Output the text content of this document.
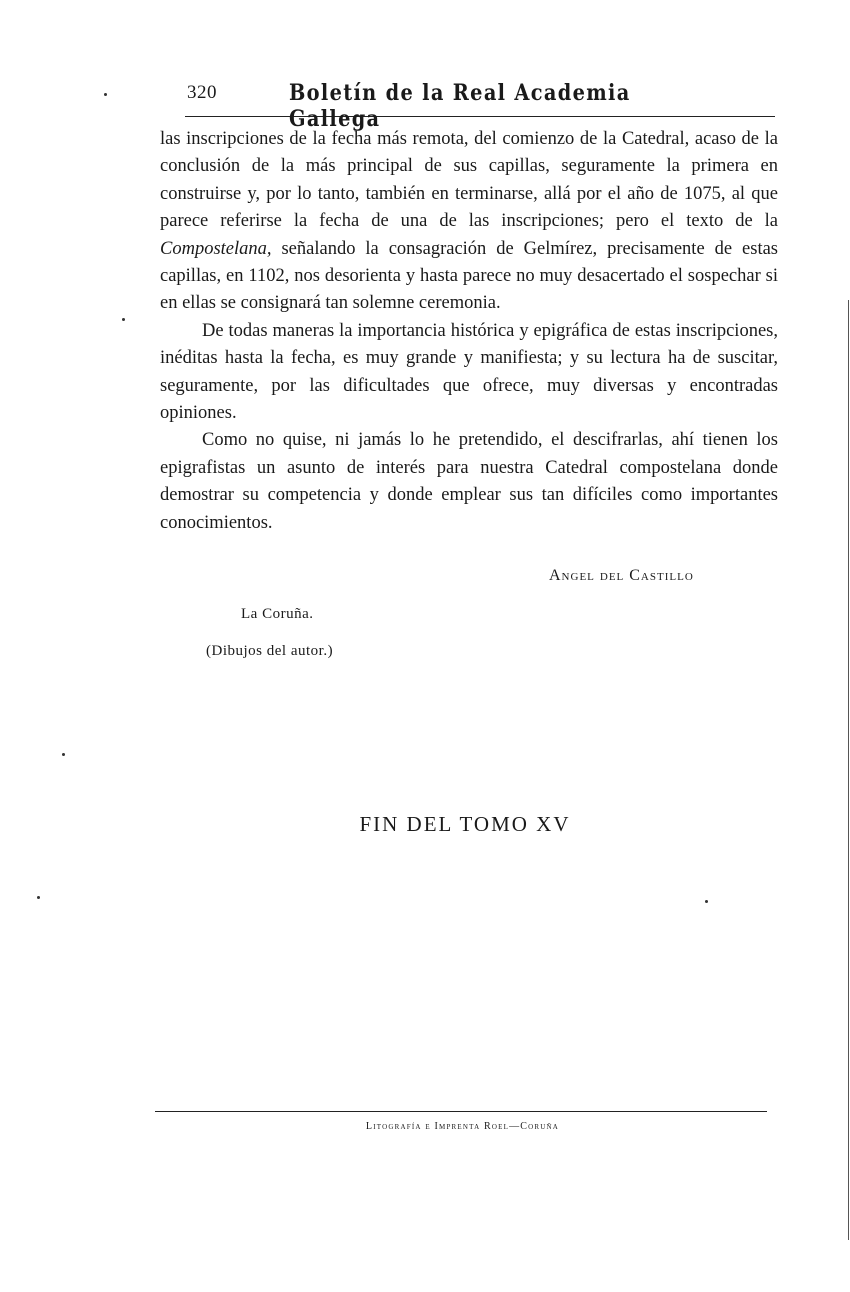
320	Boletín de la Real Academia Gallega

las inscripciones de la fecha más remota, del comienzo de la Catedral, acaso de la conclusión de la más principal de sus capillas, seguramente la primera en construirse y, por lo tanto, también en terminarse, allá por el año de 1075, al que parece referirse la fecha de una de las inscripciones; pero el texto de la Compostelana, señalando la consagración de Gelmírez, precisamente de estas capillas, en 1102, nos desorienta y hasta parece no muy desacertado el sospechar si en ellas se consignará tan solemne ceremonia.

De todas maneras la importancia histórica y epigráfica de estas inscripciones, inéditas hasta la fecha, es muy grande y manifiesta; y su lectura ha de suscitar, seguramente, por las dificultades que ofrece, muy diversas y encontradas opiniones.

Como no quise, ni jamás lo he pretendido, el descifrarlas, ahí tienen los epigrafistas un asunto de interés para nuestra Catedral compostelana donde demostrar su competencia y donde emplear sus tan difíciles como importantes conocimientos.

Angel del Castillo
La Coruña.
(Dibujos del autor.)
FIN DEL TOMO XV
Litografía e Imprenta Roel—Coruña
